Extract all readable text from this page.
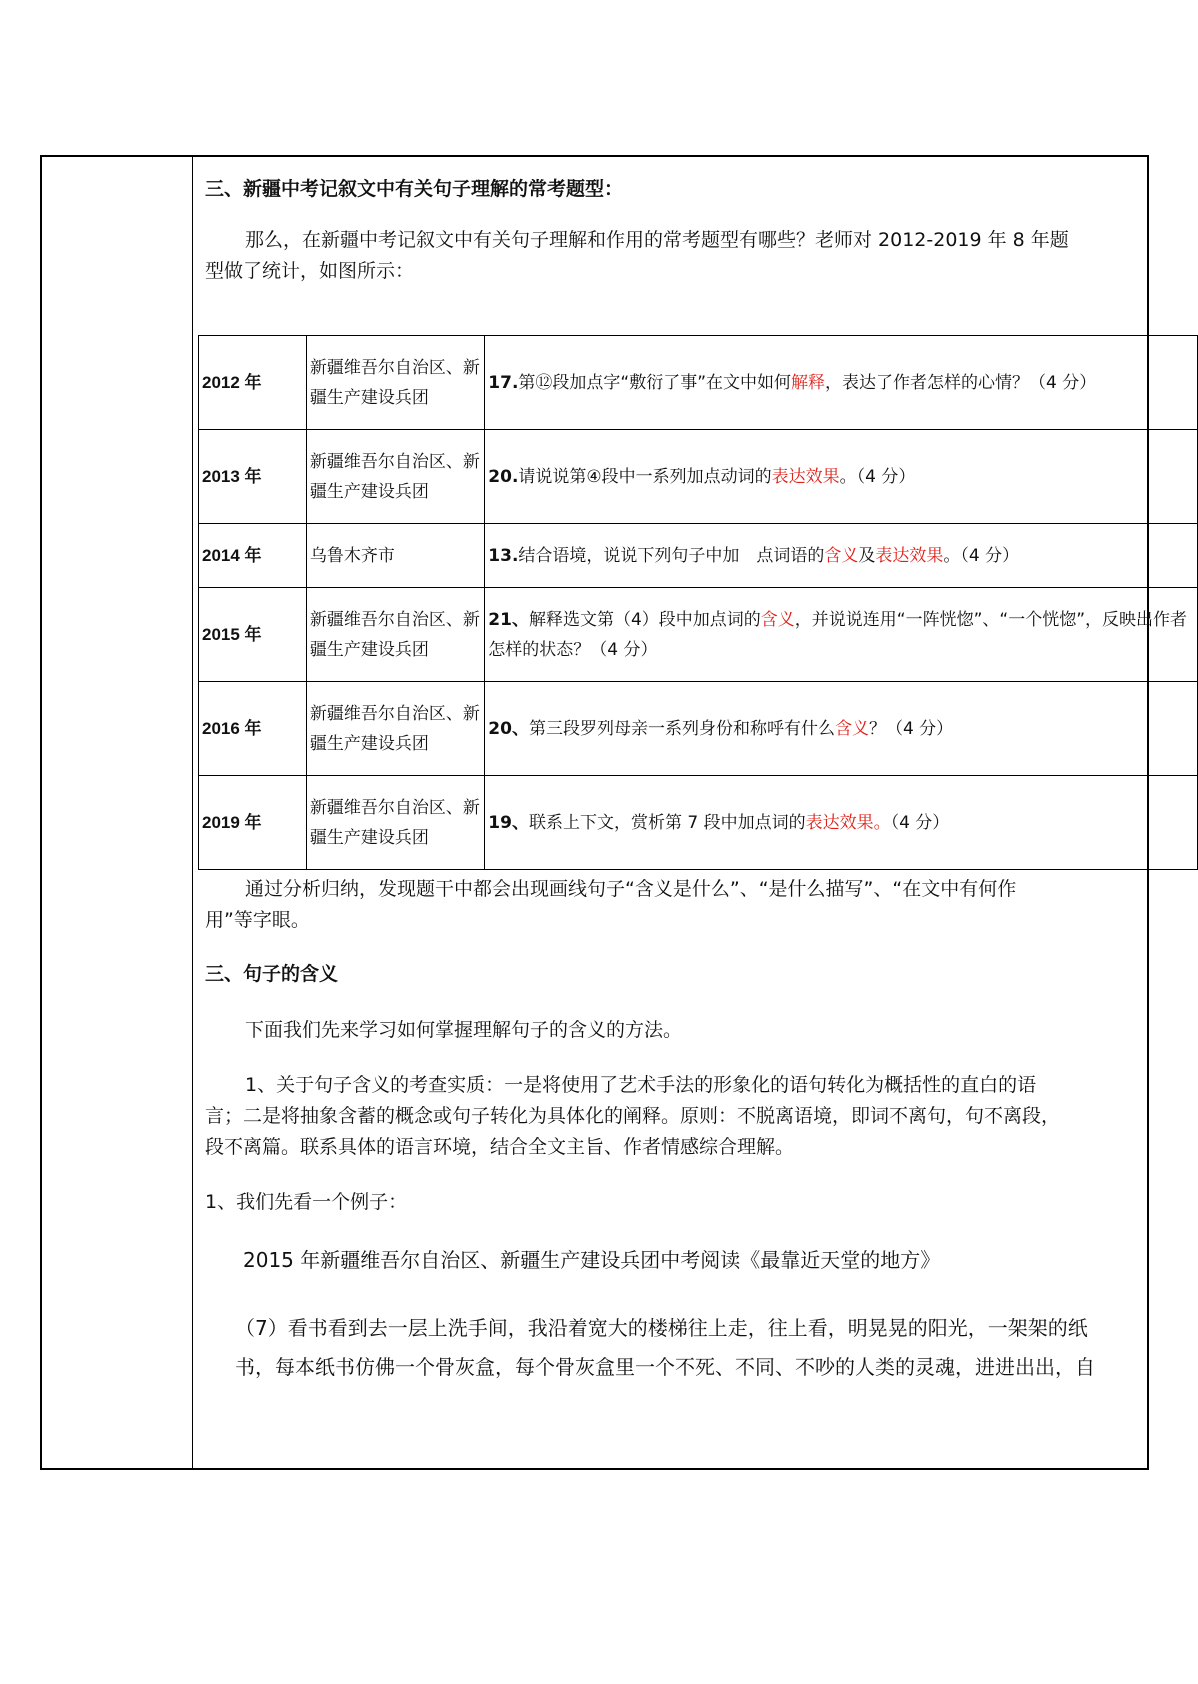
三、新疆中考记叙文中有关句子理解的常考题型：
那么，在新疆中考记叙文中有关句子理解和作用的常考题型有哪些？老师对 2012-2019 年 8 年题
型做了统计，如图所示：
2012 年	新疆维吾尔自治区、新疆生产建设兵团	17.第⑫段加点字“敷衍了事”在文中如何解释，表达了作者怎样的心情？（4 分）
2013 年	新疆维吾尔自治区、新疆生产建设兵团	20.请说说第④段中一系列加点动词的表达效果。（4 分）
2014 年	乌鲁木齐市	13.结合语境，说说下列句子中加　点词语的含义及表达效果。（4 分）
2015 年	新疆维吾尔自治区、新疆生产建设兵团	21、解释选文第（4）段中加点词的含义，并说说连用“一阵恍惚”、“一个恍惚”，反映出作者怎样的状态？（4 分）
2016 年	新疆维吾尔自治区、新疆生产建设兵团	20、第三段罗列母亲一系列身份和称呼有什么含义？（4 分）
2019 年	新疆维吾尔自治区、新疆生产建设兵团	19、联系上下文，赏析第 7 段中加点词的表达效果。（4 分）
通过分析归纳，发现题干中都会出现画线句子“含义是什么”、“是什么描写”、“在文中有何作
用”等字眼。
三、句子的含义
下面我们先来学习如何掌握理解句子的含义的方法。
1、关于句子含义的考查实质：一是将使用了艺术手法的形象化的语句转化为概括性的直白的语
言；二是将抽象含蓄的概念或句子转化为具体化的阐释。原则：不脱离语境，即词不离句，句不离段，
段不离篇。联系具体的语言环境，结合全文主旨、作者情感综合理解。
1、我们先看一个例子：
2015 年新疆维吾尔自治区、新疆生产建设兵团中考阅读《最靠近天堂的地方》
（7）看书看到去一层上洗手间，我沿着宽大的楼梯往上走，往上看，明晃晃的阳光，一架架的纸
书，每本纸书仿佛一个骨灰盒，每个骨灰盒里一个不死、不同、不吵的人类的灵魂，进进出出，自
